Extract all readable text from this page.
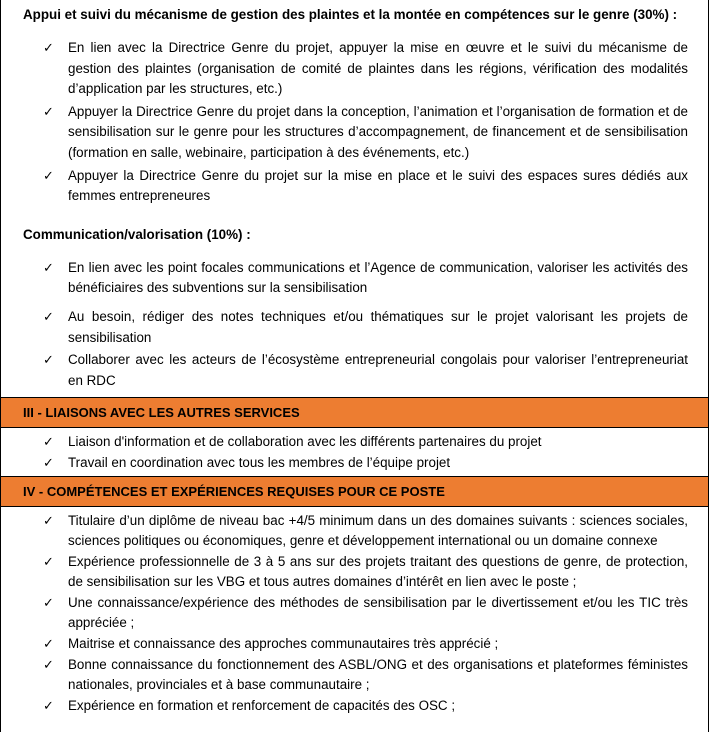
Appui et suivi du mécanisme de gestion des plaintes et la montée en compétences sur le genre (30%) :
✓ En lien avec la Directrice Genre du projet, appuyer la mise en œuvre et le suivi du mécanisme de gestion des plaintes (organisation de comité de plaintes dans les régions, vérification des modalités d’application par les structures, etc.)
✓ Appuyer la Directrice Genre du projet dans la conception, l’animation et l’organisation de formation et de sensibilisation sur le genre pour les structures d’accompagnement, de financement et de sensibilisation (formation en salle, webinaire, participation à des événements, etc.)
✓ Appuyer la Directrice Genre du projet sur la mise en place et le suivi des espaces sures dédiés aux femmes entrepreneures
Communication/valorisation (10%) :
✓ En lien avec les point focales communications et l’Agence de communication, valoriser les activités des bénéficiaires des subventions sur la sensibilisation
✓ Au besoin, rédiger des notes techniques et/ou thématiques sur le projet valorisant les projets de sensibilisation
✓ Collaborer avec les acteurs de l’écosystème entrepreneurial congolais pour valoriser l’entrepreneuriat en RDC
III - LIAISONS AVEC LES AUTRES SERVICES
✓ Liaison d'information et de collaboration avec les différents partenaires du projet
✓ Travail en coordination avec tous les membres de l’équipe projet
IV - COMPÉTENCES ET EXPÉRIENCES REQUISES POUR CE POSTE
✓ Titulaire d’un diplôme de niveau bac +4/5 minimum dans un des domaines suivants : sciences sociales, sciences politiques ou économiques, genre et développement international ou un domaine connexe
✓ Expérience professionnelle de 3 à 5 ans sur des projets traitant des questions de genre, de protection, de sensibilisation sur les VBG et tous autres domaines d’intérêt en lien avec le poste ;
✓ Une connaissance/expérience des méthodes de sensibilisation par le divertissement et/ou les TIC très appréciée ;
✓ Maitrise et connaissance des approches communautaires très apprécié ;
✓ Bonne connaissance du fonctionnement des ASBL/ONG et des organisations et plateformes féministes nationales, provinciales et à base communautaire ;
✓ Expérience en formation et renforcement de capacités des OSC ;
